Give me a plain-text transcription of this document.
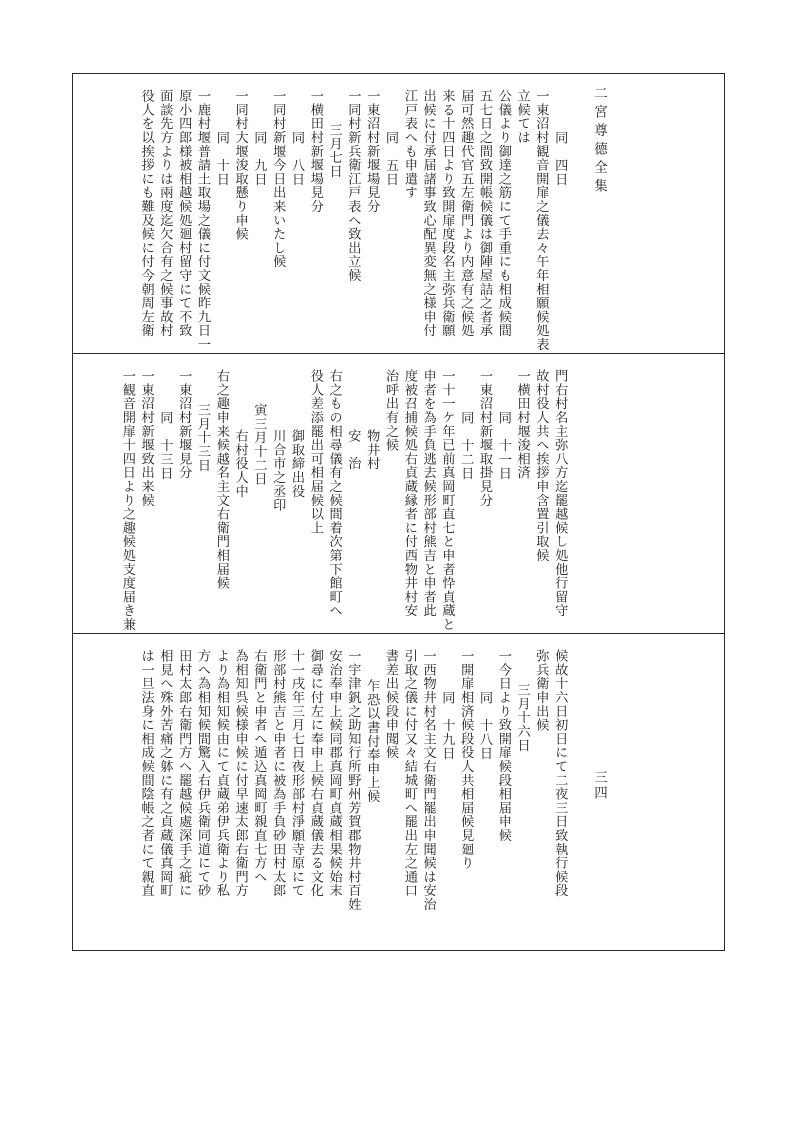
二宮尊德全集
三四
門右村名主弥八方迄罷越候し処他行留守
故村役人共へ挨拶申含置引取候
一横田村堰浚相済
同　十一日
一東沼村新堰取掛見分
同　十二日
一十一ケ年已前真岡町直七と申者忰貞蔵と
申者を為手負逃去候形部村熊吉と申者此
度被召捕候処右貞蔵縁者に付西物井村安
治呼出有之候
物井村
安　治
右之もの相尋儀有之候間着次第下館町へ
役人差添罷出可相届候以上
御取締出役
川合市之丞印
寅三月十二日
右村役人中
右之趣申来候越名主文右衛門相届候
三月十三日
一東沼村新堰見分
同　十三日
一東沼村新堰致出来候
一観音開扉十四日より之趣候処支度届き兼
同　四日
一東沼村観音開扉之儀去々午年相願候処表
立候ては
公儀より御達之筋にて手重にも相成候間
五七日之間致開帳候儀は御陣屋詰之者承
届可然趣代官五左衛門より内意有之候処
来る十四日より致開扉度段名主弥兵衛願
出候に付承届諸事致心配異変無之様申付
江戸表へも申遣す
同　五日
一東沼村新堰場見分
一同村新兵衛江戸表へ致出立候
三月七日
一横田村新堰場見分
同　八日
一同村新堰今日出来いたし候
同　九日
一同村大堰浚取懸り申候
同　十日
一鹿村堰普請土取場之儀に付文候昨九日一
原小四郎様被相越候処廻村留守にて不致
面談先方よりは兩度迄欠合有之候事故村
役人を以挨拶にも難及候に付今朝周左衛
候故十六日初日にて二夜三日致執行候段
弥兵衛申出候
三月十六日
一今日より致開扉候段相届申候
同　十八日
一開扉相済候段役人共相届候見廻り
同　十九日
一西物井村名主文右衛門罷出申聞候は安治
引取之儀に付又々結城町へ罷出左之通口
書差出候段申聞候
乍恐以書付奉申上候
一宇津釩之助知行所野州芳賀郡物井村百姓
安治奉申上候同郡真岡町貞蔵相果候始末
御尋に付左に奉申上候右貞蔵儀去る文化
十一戌年三月七日夜形部村淨願寺原にて
形部村熊吉と申者に被為手負砂田村太郎
右衛門と申者へ遁込真岡町親直七方へ
為相知呉候様申候に付早速太郎右衛門方
より為相知候由にて貞蔵弟伊兵衛より私
方へ為相知候間驚入右伊兵衛同道にて砂
田村太郎右衛門方へ罷越候處深手之疵に
相見へ殊外苦痛之躰に有之貞蔵儀真岡町
は一旦法身に相成候間陰帳之者にて親直
